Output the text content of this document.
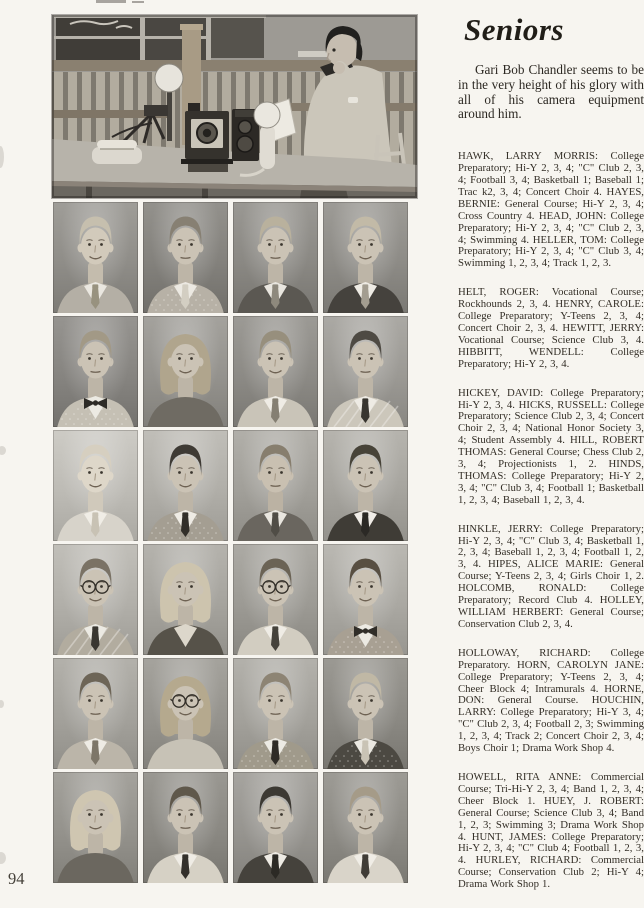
Seniors

Gari Bob Chandler seems to be in the very height of his glory with all of his camera equipment around him.

HAWK, LARRY MORRIS: College Preparatory; Hi-Y 2, 3, 4; "C" Club 2, 3, 4; Football 3, 4; Basketball 1; Baseball 1; Trac k2, 3, 4; Concert Choir 4. HAYES, BERNIE: General Course; Hi-Y 2, 3, 4; Cross Country 4. HEAD, JOHN: College Preparatory; Hi-Y 2, 3, 4; "C" Club 2, 3, 4; Swimming 4. HELLER, TOM: College Preparatory; Hi-Y 2, 3, 4; "C" Club 3, 4; Swimming 1, 2, 3, 4; Track 1, 2, 3.

HELT, ROGER: Vocational Course; Rockhounds 2, 3, 4. HENRY, CAROLE: College Preparatory; Y-Teens 2, 3, 4; Concert Choir 2, 3, 4. HEWITT, JERRY: Vocational Course; Science Club 3, 4. HIBBITT, WENDELL: College Preparatory; Hi-Y 2, 3, 4.

HICKEY, DAVID: College Preparatory; Hi-Y 2, 3, 4. HICKS, RUSSELL: College Preparatory; Science Club 2, 3, 4; Concert Choir 2, 3, 4; National Honor Society 3, 4; Student Assembly 4. HILL, ROBERT THOMAS: General Course; Chess Club 2, 3, 4; Projectionists 1, 2. HINDS, THOMAS: College Preparatory; Hi-Y 2, 3, 4; "C" Club 3, 4; Football 1; Basketball 1, 2, 3, 4; Baseball 1, 2, 3, 4.

HINKLE, JERRY: College Preparatory; Hi-Y 2, 3, 4; "C" Club 3, 4; Basketball 1, 2, 3, 4; Baseball 1, 2, 3, 4; Football 1, 2, 3, 4. HIPES, ALICE MARIE: General Course; Y-Teens 2, 3, 4; Girls Choir 1, 2. HOLCOMB, RONALD: College Preparatory; Record Club 4. HOLLEY, WILLIAM HERBERT: General Course; Conservation Club 2, 3, 4.

HOLLOWAY, RICHARD: College Preparatory. HORN, CAROLYN JANE: College Preparatory; Y-Teens 2, 3, 4; Cheer Block 4; Intramurals 4. HORNE, DON: General Course. HOUCHIN, LARRY: College Preparatory; Hi-Y 3, 4; "C" Club 2, 3, 4; Football 2, 3; Swimming 1, 2, 3, 4; Track 2; Concert Choir 2, 3, 4; Boys Choir 1; Drama Work Shop 4.

HOWELL, RITA ANNE: Commercial Course; Tri-Hi-Y 2, 3, 4; Band 1, 2, 3, 4; Cheer Block 1. HUEY, J. ROBERT: General Course; Science Club 3, 4; Band 1, 2, 3; Swimming 3; Drama Work Shop 4. HUNT, JAMES: College Preparatory; Hi-Y 2, 3, 4; "C" Club 4; Football 1, 2, 3, 4. HURLEY, RICHARD: Commercial Course; Conservation Club 2; Hi-Y 4; Drama Work Shop 1.

94
